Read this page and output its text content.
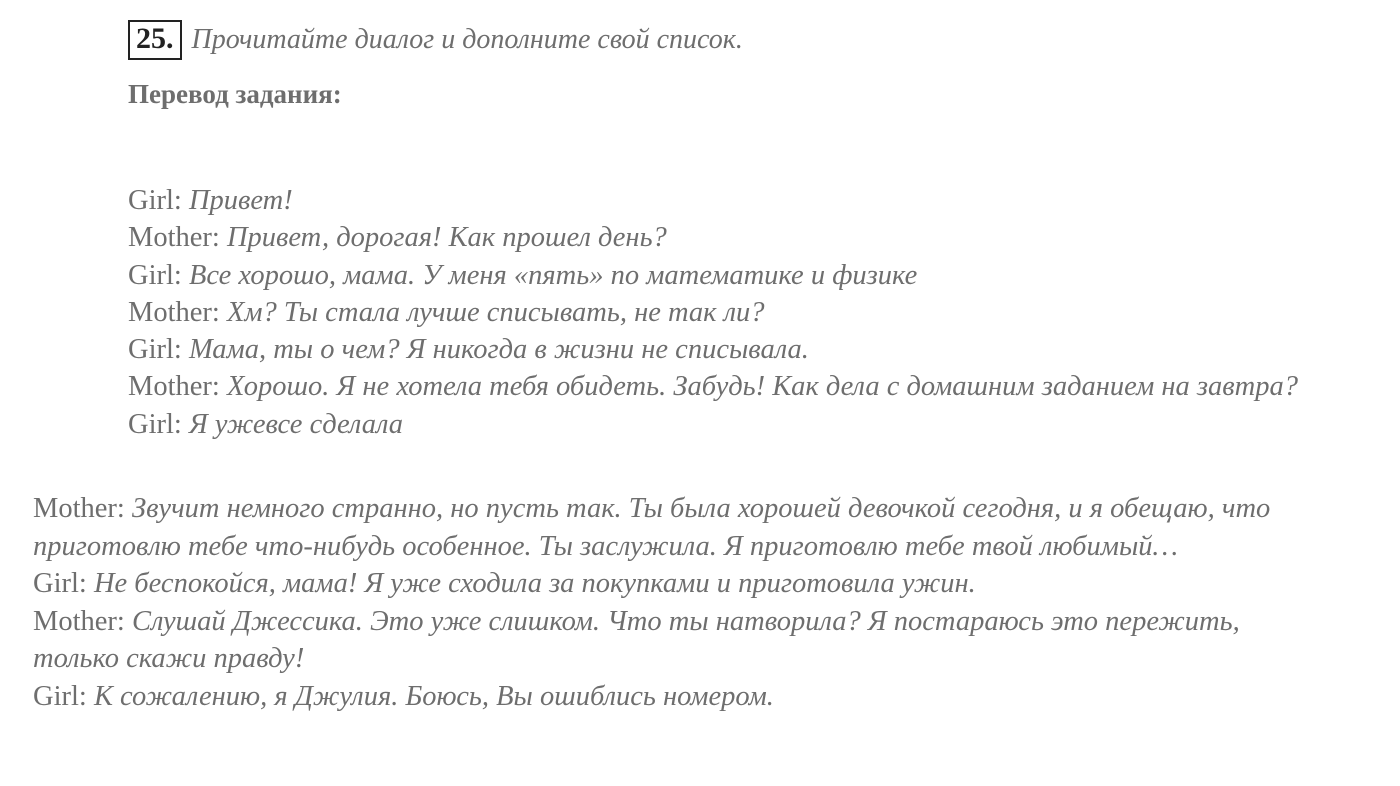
25. Прочитайте диалог и дополните свой список.
Перевод задания:
Girl: Привет!
Mother: Привет, дорогая! Как прошел день?
Girl: Все хорошо, мама. У меня «пять» по математике и физике
Mother: Хм? Ты стала лучше списывать, не так ли?
Girl: Мама, ты о чем? Я никогда в жизни не списывала.
Mother: Хорошо. Я не хотела тебя обидеть. Забудь! Как дела с домашним заданием на завтра?
Girl: Я ужевсе сделала
Mother: Звучит немного странно, но пусть так. Ты была хорошей девочкой сегодня, и я обещаю, что приготовлю тебе что-нибудь особенное. Ты заслужила. Я приготовлю тебе твой любимый…
Girl: Не беспокойся, мама! Я уже сходила за покупками и приготовила ужин.
Mother: Слушай Джессика. Это уже слишком. Что ты натворила? Я постараюсь это пережить, только скажи правду!
Girl: К сожалению, я Джулия. Боюсь, Вы ошиблись номером.
